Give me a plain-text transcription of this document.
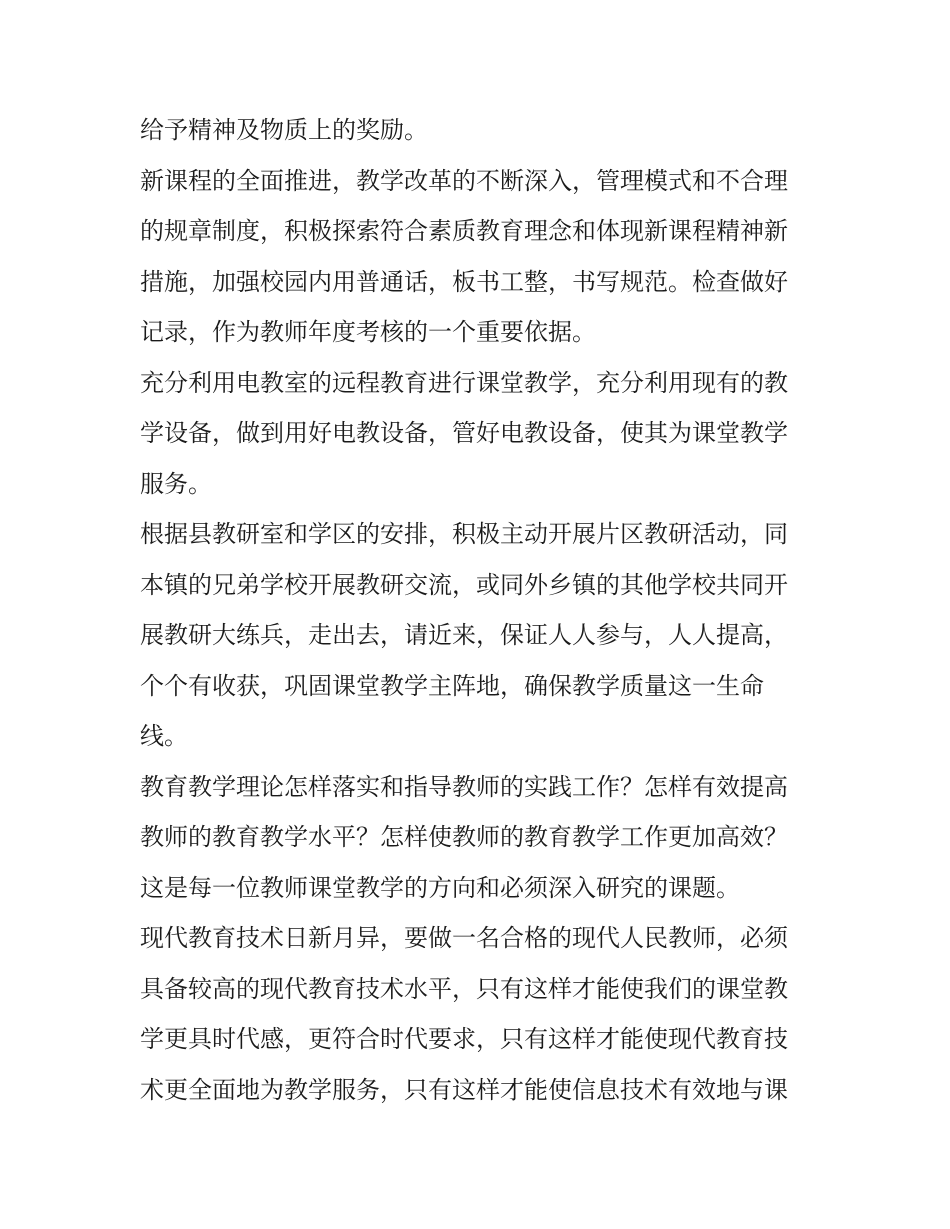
给予精神及物质上的奖励。
新课程的全面推进，教学改革的不断深入，管理模式和不合理
的规章制度，积极探索符合素质教育理念和体现新课程精神新
措施，加强校园内用普通话，板书工整，书写规范。检查做好
记录，作为教师年度考核的一个重要依据。
充分利用电教室的远程教育进行课堂教学，充分利用现有的教
学设备，做到用好电教设备，管好电教设备，使其为课堂教学
服务。
根据县教研室和学区的安排，积极主动开展片区教研活动，同
本镇的兄弟学校开展教研交流，或同外乡镇的其他学校共同开
展教研大练兵，走出去，请近来，保证人人参与，人人提高，
个个有收获，巩固课堂教学主阵地，确保教学质量这一生命
线。
教育教学理论怎样落实和指导教师的实践工作？怎样有效提高
教师的教育教学水平？怎样使教师的教育教学工作更加高效？
这是每一位教师课堂教学的方向和必须深入研究的课题。
现代教育技术日新月异，要做一名合格的现代人民教师，必须
具备较高的现代教育技术水平，只有这样才能使我们的课堂教
学更具时代感，更符合时代要求，只有这样才能使现代教育技
术更全面地为教学服务，只有这样才能使信息技术有效地与课
